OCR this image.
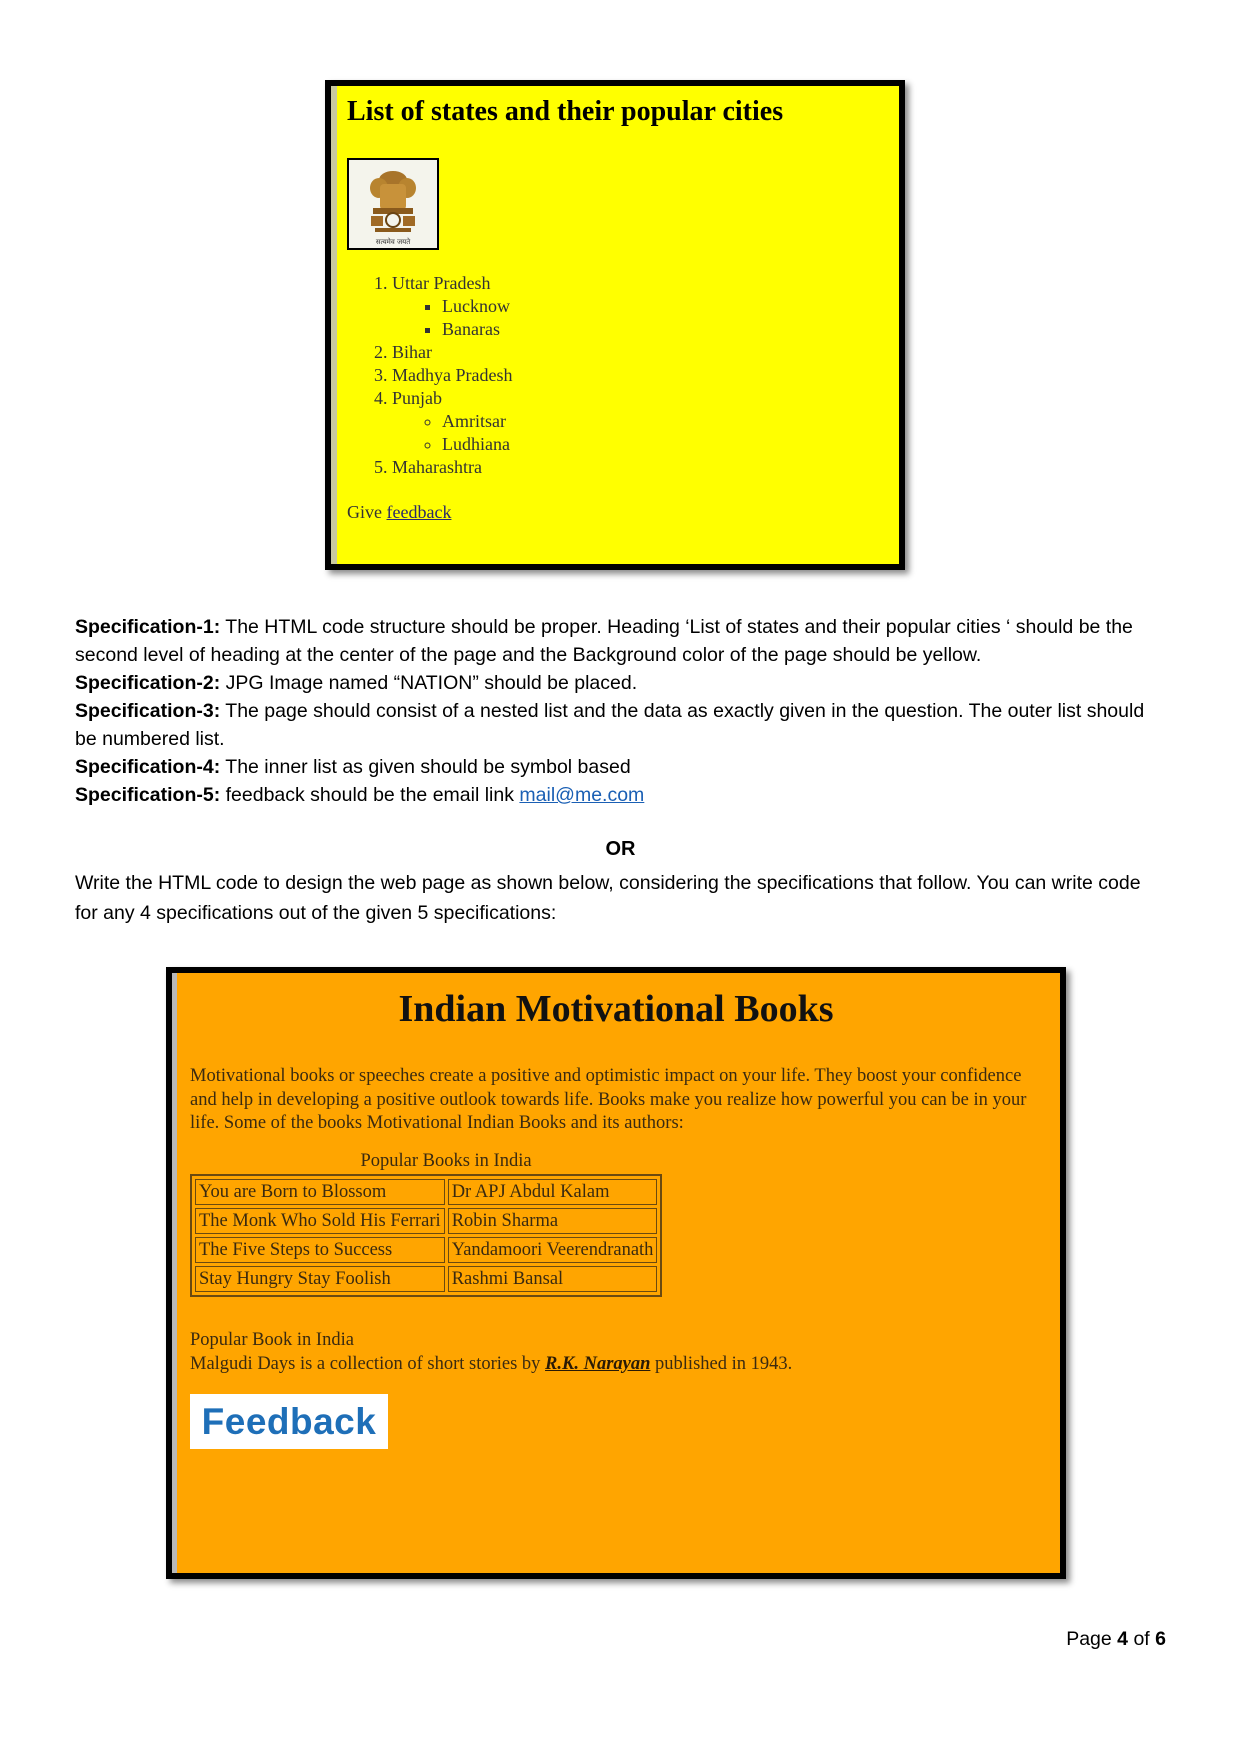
List of states and their popular cities
सत्यमेव जयते
1. Uttar Pradesh
▪ Lucknow
▪ Banaras
2. Bihar
3. Madhya Pradesh
4. Punjab
◦ Amritsar
◦ Ludhiana
5. Maharashtra
Give feedback

Specification-1: The HTML code structure should be proper. Heading ‘List of states and their popular cities ‘ should be the second level of heading at the center of the page and the Background color of the page should be yellow.

Specification-2: JPG Image named “NATION” should be placed.

Specification-3: The page should consist of a nested list and the data as exactly given in the question. The outer list should be numbered list.

Specification-4: The inner list as given should be symbol based

Specification-5: feedback should be the email link mail@me.com

OR
Write the HTML code to design the web page as shown below, considering the specifications that follow. You can write code for any 4 specifications out of the given 5 specifications:
Indian Motivational Books
Motivational books or speeches create a positive and optimistic impact on your life. They boost your confidence and help in developing a positive outlook towards life. Books make you realize how powerful you can be in your life. Some of the books Motivational Indian Books and its authors:
Popular Books in India
You are Born to Blossom	Dr APJ Abdul Kalam
The Monk Who Sold His Ferrari	Robin Sharma
The Five Steps to Success	Yandamoori Veerendranath
Stay Hungry Stay Foolish	Rashmi Bansal
Popular Book in India
Malgudi Days is a collection of short stories by R.K. Narayan published in 1943.
Feedback
Page 4 of 6
